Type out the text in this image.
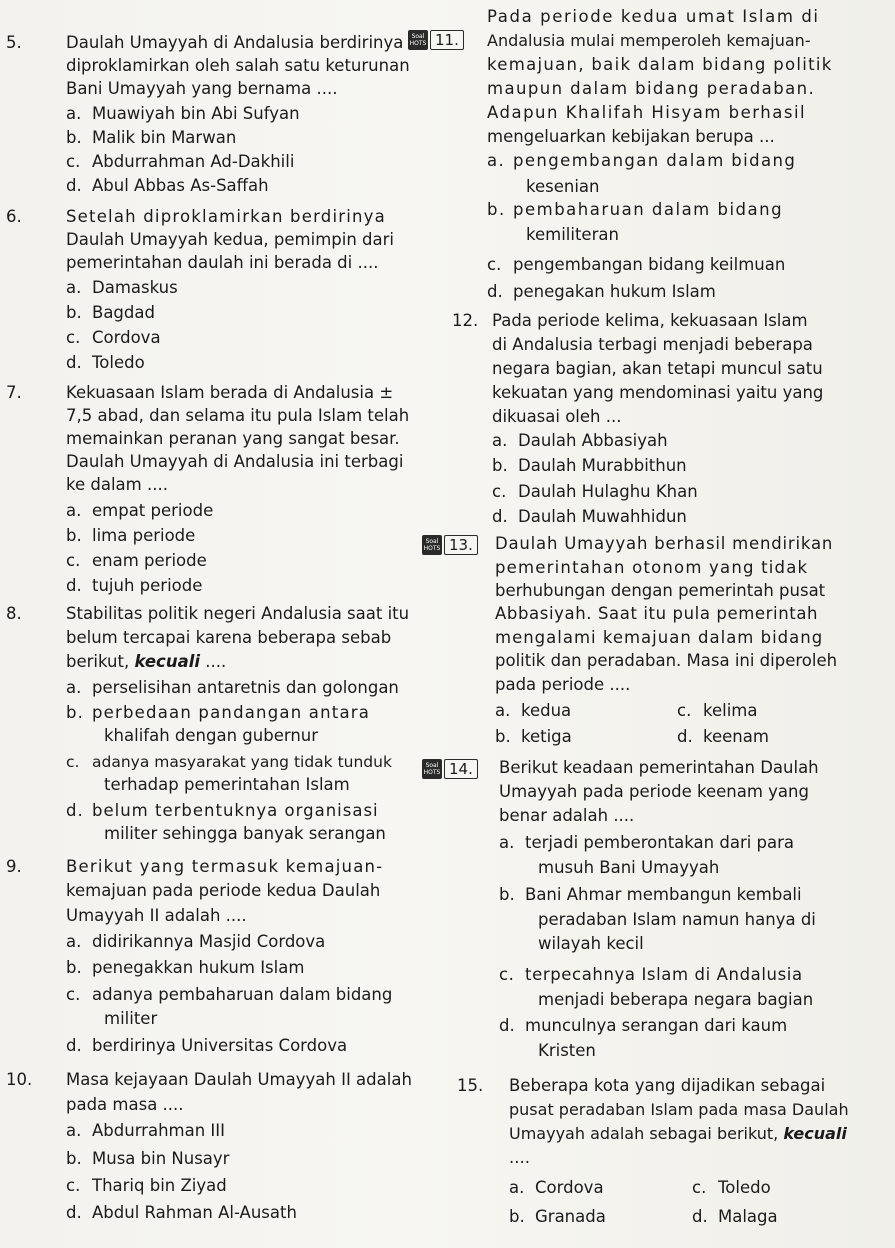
5.	Daulah Umayyah di Andalusia berdirinya
diproklamirkan oleh salah satu keturunan
Bani Umayyah yang bernama ....
a. Muawiyah bin Abi Sufyan
b. Malik bin Marwan
c. Abdurrahman Ad-Dakhili
d. Abul Abbas As-Saffah
6.	Setelah diproklamirkan berdirinya
Daulah Umayyah kedua, pemimpin dari
pemerintahan daulah ini berada di ....
a. Damaskus
b. Bagdad
c. Cordova
d. Toledo
7.	Kekuasaan Islam berada di Andalusia ±
7,5 abad, dan selama itu pula Islam telah
memainkan peranan yang sangat besar.
Daulah Umayyah di Andalusia ini terbagi
ke dalam ....
a. empat periode
b. lima periode
c. enam periode
d. tujuh periode
8.	Stabilitas politik negeri Andalusia saat itu
belum tercapai karena beberapa sebab
berikut, kecuali ....
a. perselisihan antaretnis dan golongan
b. perbedaan pandangan antara
khalifah dengan gubernur
c. adanya masyarakat yang tidak tunduk
terhadap pemerintahan Islam
d. belum terbentuknya organisasi
militer sehingga banyak serangan
9.	Berikut yang termasuk kemajuan-
kemajuan pada periode kedua Daulah
Umayyah II adalah ....
a. didirikannya Masjid Cordova
b. penegakkan hukum Islam
c. adanya pembaharuan dalam bidang
militer
d. berdirinya Universitas Cordova
10. Masa kejayaan Daulah Umayyah II adalah
pada masa ....
a. Abdurrahman III
b. Musa bin Nusayr
c. Thariq bin Ziyad
d. Abdul Rahman Al-Ausath
Soal
HOTS 11.
Pada periode kedua umat Islam di
Andalusia mulai memperoleh kemajuan-
kemajuan, baik dalam bidang politik
maupun dalam bidang peradaban.
Adapun Khalifah Hisyam berhasil
mengeluarkan kebijakan berupa ...
a. pengembangan dalam bidang
kesenian
b. pembaharuan dalam bidang
kemiliteran
c. pengembangan bidang keilmuan
d. penegakan hukum Islam
12. Pada periode kelima, kekuasaan Islam
di Andalusia terbagi menjadi beberapa
negara bagian, akan tetapi muncul satu
kekuatan yang mendominasi yaitu yang
dikuasai oleh ...
a. Daulah Abbasiyah
b. Daulah Murabbithun
c. Daulah Hulaghu Khan
d. Daulah Muwahhidun
Soal
HOTS 13.	Daulah Umayyah berhasil mendirikan
pemerintahan otonom yang tidak
berhubungan dengan pemerintah pusat
Abbasiyah. Saat itu pula pemerintah
mengalami kemajuan dalam bidang
politik dan peradaban. Masa ini diperoleh
pada periode ....
a. kedua
b. ketiga
c. kelima
d. keenam
Soal
HOTS 14.	Berikut keadaan pemerintahan Daulah
Umayyah pada periode keenam yang
benar adalah ....
a. terjadi pemberontakan dari para
musuh Bani Umayyah
b. Bani Ahmar membangun kembali
peradaban Islam namun hanya di
wilayah kecil
c. terpecahnya Islam di Andalusia
menjadi beberapa negara bagian
d. munculnya serangan dari kaum
Kristen
15. Beberapa kota yang dijadikan sebagai
pusat peradaban Islam pada masa Daulah
Umayyah adalah sebagai berikut, kecuali
....
a. Cordova
b. Granada
c. Toledo
d. Malaga
